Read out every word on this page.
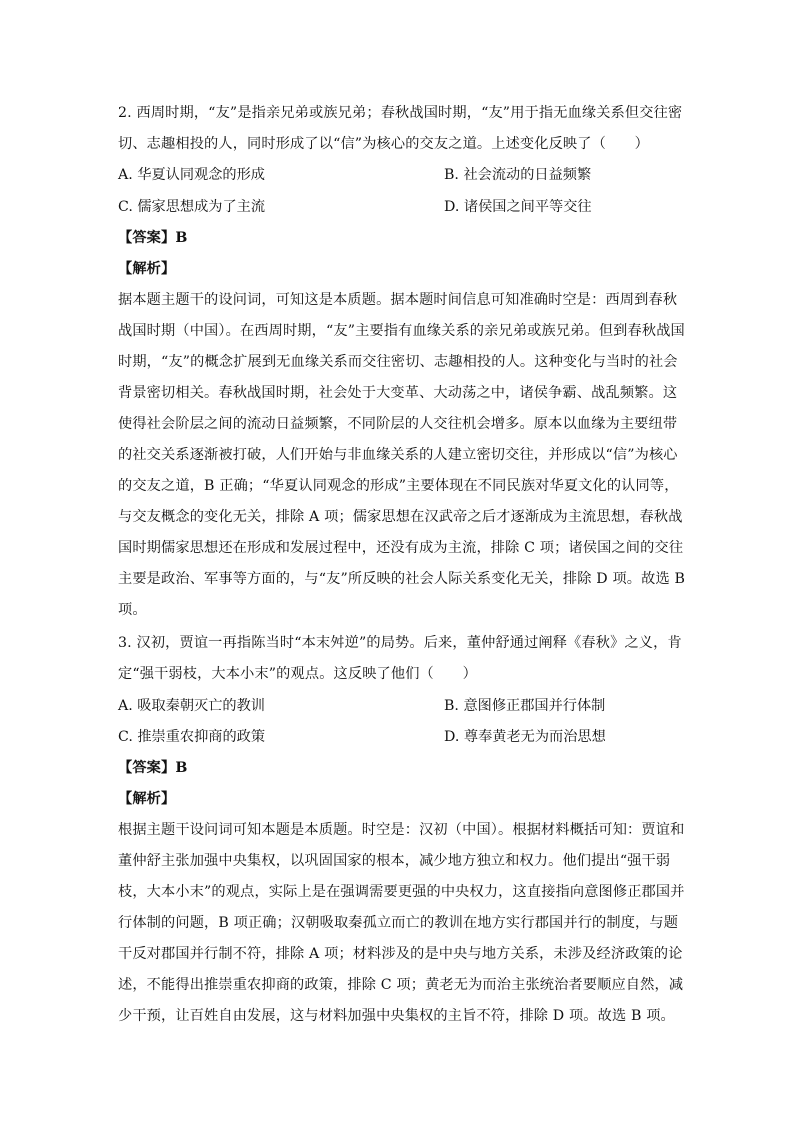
2. 西周时期，“友”是指亲兄弟或族兄弟；春秋战国时期，“友”用于指无血缘关系但交往密
切、志趣相投的人，同时形成了以“信”为核心的交友之道。上述变化反映了（　　）
A. 华夏认同观念的形成	B. 社会流动的日益频繁
C. 儒家思想成为了主流	D. 诸侯国之间平等交往
【答案】B
【解析】
据本题主题干的设问词，可知这是本质题。据本题时间信息可知准确时空是：西周到春秋
战国时期（中国）。在西周时期，“友”主要指有血缘关系的亲兄弟或族兄弟。但到春秋战国
时期，“友”的概念扩展到无血缘关系而交往密切、志趣相投的人。这种变化与当时的社会
背景密切相关。春秋战国时期，社会处于大变革、大动荡之中，诸侯争霸、战乱频繁。这
使得社会阶层之间的流动日益频繁，不同阶层的人交往机会增多。原本以血缘为主要纽带
的社交关系逐渐被打破，人们开始与非血缘关系的人建立密切交往，并形成以“信”为核心
的交友之道，B 正确；“华夏认同观念的形成”主要体现在不同民族对华夏文化的认同等，
与交友概念的变化无关，排除 A 项；儒家思想在汉武帝之后才逐渐成为主流思想，春秋战
国时期儒家思想还在形成和发展过程中，还没有成为主流，排除 C 项；诸侯国之间的交往
主要是政治、军事等方面的，与“友”所反映的社会人际关系变化无关，排除 D 项。故选 B
项。
3. 汉初，贾谊一再指陈当时“本末舛逆”的局势。后来，董仲舒通过阐释《春秋》之义，肯
定“强干弱枝，大本小末”的观点。这反映了他们（　　）
A. 吸取秦朝灭亡的教训	B. 意图修正郡国并行体制
C. 推崇重农抑商的政策	D. 尊奉黄老无为而治思想
【答案】B
【解析】
根据主题干设问词可知本题是本质题。时空是：汉初（中国）。根据材料概括可知：贾谊和
董仲舒主张加强中央集权，以巩固国家的根本，减少地方独立和权力。他们提出“强干弱
枝，大本小末”的观点，实际上是在强调需要更强的中央权力，这直接指向意图修正郡国并
行体制的问题，B 项正确；汉朝吸取秦孤立而亡的教训在地方实行郡国并行的制度，与题
干反对郡国并行制不符，排除 A 项；材料涉及的是中央与地方关系，未涉及经济政策的论
述，不能得出推崇重农抑商的政策，排除 C 项；黄老无为而治主张统治者要顺应自然，减
少干预，让百姓自由发展，这与材料加强中央集权的主旨不符，排除 D 项。故选 B 项。
